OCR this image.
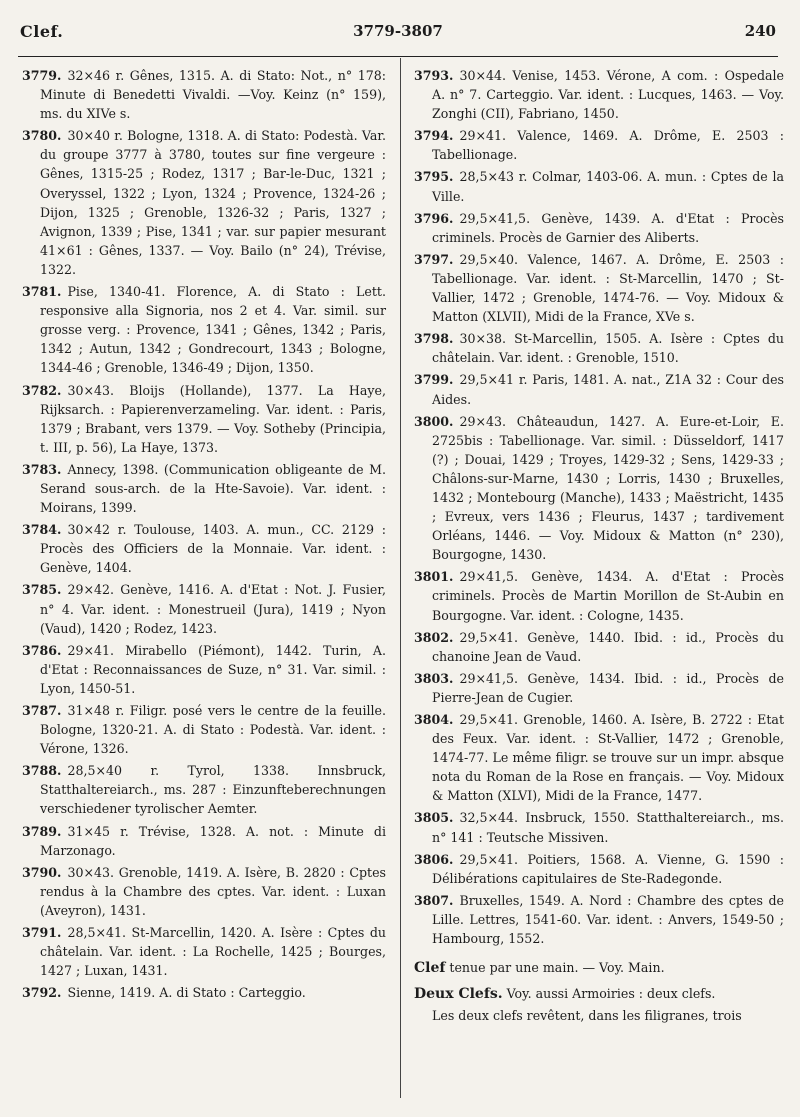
Clef.	3779-3807	240
3779. 32×46 r. Gênes, 1315. A. di Stato: Not., n° 178: Minute di Benedetti Vivaldi. —Voy. Keinz (n° 159), ms. du XIVe s.
3780. 30×40 r. Bologne, 1318. A. di Stato: Podestà. Var. du groupe 3777 à 3780, toutes sur fine vergeure : Gênes, 1315-25 ; Rodez, 1317 ; Bar-le-Duc, 1321 ; Overyssel, 1322 ; Lyon, 1324 ; Provence, 1324-26 ; Dijon, 1325 ; Grenoble, 1326-32 ; Paris, 1327 ; Avignon, 1339 ; Pise, 1341 ; var. sur papier mesurant 41×61 : Gênes, 1337. — Voy. Bailo (n° 24), Trévise, 1322.
3781. Pise, 1340-41. Florence, A. di Stato : Lett. responsive alla Signoria, nos 2 et 4. Var. simil. sur grosse verg. : Provence, 1341 ; Gênes, 1342 ; Paris, 1342 ; Autun, 1342 ; Gondrecourt, 1343 ; Bologne, 1344-46 ; Grenoble, 1346-49 ; Dijon, 1350.
3782. 30×43. Bloijs (Hollande), 1377. La Haye, Rijksarch. : Papierenverzameling. Var. ident. : Paris, 1379 ; Brabant, vers 1379. — Voy. Sotheby (Principia, t. III, p. 56), La Haye, 1373.
3783. Annecy, 1398. (Communication obligeante de M. Serand sous-arch. de la Hte-Savoie). Var. ident. : Moirans, 1399.
3784. 30×42 r. Toulouse, 1403. A. mun., CC. 2129 : Procès des Officiers de la Monnaie. Var. ident. : Genève, 1404.
3785. 29×42. Genève, 1416. A. d'Etat : Not. J. Fusier, n° 4. Var. ident. : Monestrueil (Jura), 1419 ; Nyon (Vaud), 1420 ; Rodez, 1423.
3786. 29×41. Mirabello (Piémont), 1442. Turin, A. d'Etat : Reconnaissances de Suze, n° 31. Var. simil. : Lyon, 1450-51.
3787. 31×48 r. Filigr. posé vers le centre de la feuille. Bologne, 1320-21. A. di Stato : Podestà. Var. ident. : Vérone, 1326.
3788. 28,5×40 r. Tyrol, 1338. Innsbruck, Statthaltereiarch., ms. 287 : Einzunfteberechnungen verschiedener tyrolischer Aemter.
3789. 31×45 r. Trévise, 1328. A. not. : Minute di Marzonago.
3790. 30×43. Grenoble, 1419. A. Isère, B. 2820 : Cptes rendus à la Chambre des cptes. Var. ident. : Luxan (Aveyron), 1431.
3791. 28,5×41. St-Marcellin, 1420. A. Isère : Cptes du châtelain. Var. ident. : La Rochelle, 1425 ; Bourges, 1427 ; Luxan, 1431.
3792. Sienne, 1419. A. di Stato : Carteggio.
3793. 30×44. Venise, 1453. Vérone, A com. : Ospedale A. n° 7. Carteggio. Var. ident. : Lucques, 1463. — Voy. Zonghi (CII), Fabriano, 1450.
3794. 29×41. Valence, 1469. A. Drôme, E. 2503 : Tabellionage.
3795. 28,5×43 r. Colmar, 1403-06. A. mun. : Cptes de la Ville.
3796. 29,5×41,5. Genève, 1439. A. d'Etat : Procès criminels. Procès de Garnier des Aliberts.
3797. 29,5×40. Valence, 1467. A. Drôme, E. 2503 : Tabellionage. Var. ident. : St-Marcellin, 1470 ; St-Vallier, 1472 ; Grenoble, 1474-76. — Voy. Midoux & Matton (XLVII), Midi de la France, XVe s.
3798. 30×38. St-Marcellin, 1505. A. Isère : Cptes du châtelain. Var. ident. : Grenoble, 1510.
3799. 29,5×41 r. Paris, 1481. A. nat., Z1A 32 : Cour des Aides.
3800. 29×43. Châteaudun, 1427. A. Eure-et-Loir, E. 2725bis : Tabellionage. Var. simil. : Düsseldorf, 1417 (?) ; Douai, 1429 ; Troyes, 1429-32 ; Sens, 1429-33 ; Châlons-sur-Marne, 1430 ; Lorris, 1430 ; Bruxelles, 1432 ; Montebourg (Manche), 1433 ; Maëstricht, 1435 ; Evreux, vers 1436 ; Fleurus, 1437 ; tardivement Orléans, 1446. — Voy. Midoux & Matton (n° 230), Bourgogne, 1430.
3801. 29×41,5. Genève, 1434. A. d'Etat : Procès criminels. Procès de Martin Morillon de St-Aubin en Bourgogne. Var. ident. : Cologne, 1435.
3802. 29,5×41. Genève, 1440. Ibid. : id., Procès du chanoine Jean de Vaud.
3803. 29×41,5. Genève, 1434. Ibid. : id., Procès de Pierre-Jean de Cugier.
3804. 29,5×41. Grenoble, 1460. A. Isère, B. 2722 : Etat des Feux. Var. ident. : St-Vallier, 1472 ; Grenoble, 1474-77. Le même filigr. se trouve sur un impr. absque nota du Roman de la Rose en français. — Voy. Midoux & Matton (XLVI), Midi de la France, 1477.
3805. 32,5×44. Insbruck, 1550. Statthaltereiarch., ms. n° 141 : Teutsche Missiven.
3806. 29,5×41. Poitiers, 1568. A. Vienne, G. 1590 : Délibérations capitulaires de Ste-Radegonde.
3807. Bruxelles, 1549. A. Nord : Chambre des cptes de Lille. Lettres, 1541-60. Var. ident. : Anvers, 1549-50 ; Hambourg, 1552.
Clef tenue par une main. — Voy. Main.
Deux Clefs. Voy. aussi Armoiries : deux clefs.
Les deux clefs revêtent, dans les filigranes, trois
